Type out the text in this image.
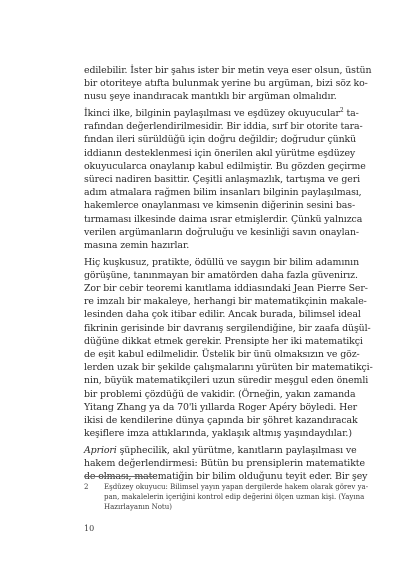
edilebilir. İster bir şahıs ister bir metin veya eser olsun, üstün
bir otoriteye atıfta bulunmak yerine bu argüman, bizi söz ko-
nusu şeye inandıracak mantıklı bir argüman olmalıdır.
İkinci ilke, bilginin paylaşılması ve eşdüzey okuyucular$^2$ ta-
rafından değerlendirilmesidir. Bir iddia, sırf bir otorite tara-
fından ileri sürüldüğü için doğru değildir; doğrudur çünkü
iddianın desteklenmesi için önerilen akıl yürütme eşdüzey
okuyucularca onaylanıp kabul edilmiştir. Bu gözden geçirme
süreci nadiren basittir. Çeşitli anlaşmazlık, tartışma ve geri
adım atmalara rağmen bilim insanları bilginin paylaşılması,
hakemlerce onaylanması ve kimsenin diğerinin sesini bas-
tırmaması ilkesinde daima ısrar etmişlerdir. Çünkü yalnızca
verilen argümanların doğruluğu ve kesinliği savın onaylan-
masına zemin hazırlar.
Hiç kuşkusuz, pratikte, ödüllü ve saygın bir bilim adamının
görüşüne, tanınmayan bir amatörden daha fazla güvenirız.
Zor bir cebir teoremi kanıtlama iddiasındaki Jean Pierre Ser-
re imzalı bir makaleye, herhangi bir matematikçinin makale-
lesinden daha çok itibar edilir. Ancak burada, bilimsel ideal
fikrinin gerisinde bir davranış sergilendiğine, bir zaafa düşül-
düğüne dikkat etmek gerekir. Prensipte her iki matematikçi
de eşit kabul edilmelidir. Üstelik bir ünü olmaksızın ve göz-
lerden uzak bir şekilde çalışmalarını yürüten bir matematikçi-
nin, büyük matematikçileri uzun süredir meşgul eden önemli
bir problemi çözdüğü de vakidir. (Örneğin, yakın zamanda
Yitang Zhang ya da 70'li yıllarda Roger Apéry böyledi. Her
ikisi de kendilerine dünya çapında bir şöhret kazandıracak
keşiflere imza attıklarında, yaklaşık altmış yaşındaydılar.)
Apriori şüphecilik, akıl yürütme, kanıtların paylaşılması ve
hakem değerlendirmesi: Bütün bu prensiplerin matematikte
de olması, matematiğin bir bilim olduğunu teyit eder. Bir şey
2 Eşdüzey okuyucu: Bilimsel yayın yapan dergilerde hakem olarak görev ya-
pan, makalelerin içeriğini kontrol edip değerini ölçen uzman kişi. (Yayına
Hazırlayanın Notu)
10
